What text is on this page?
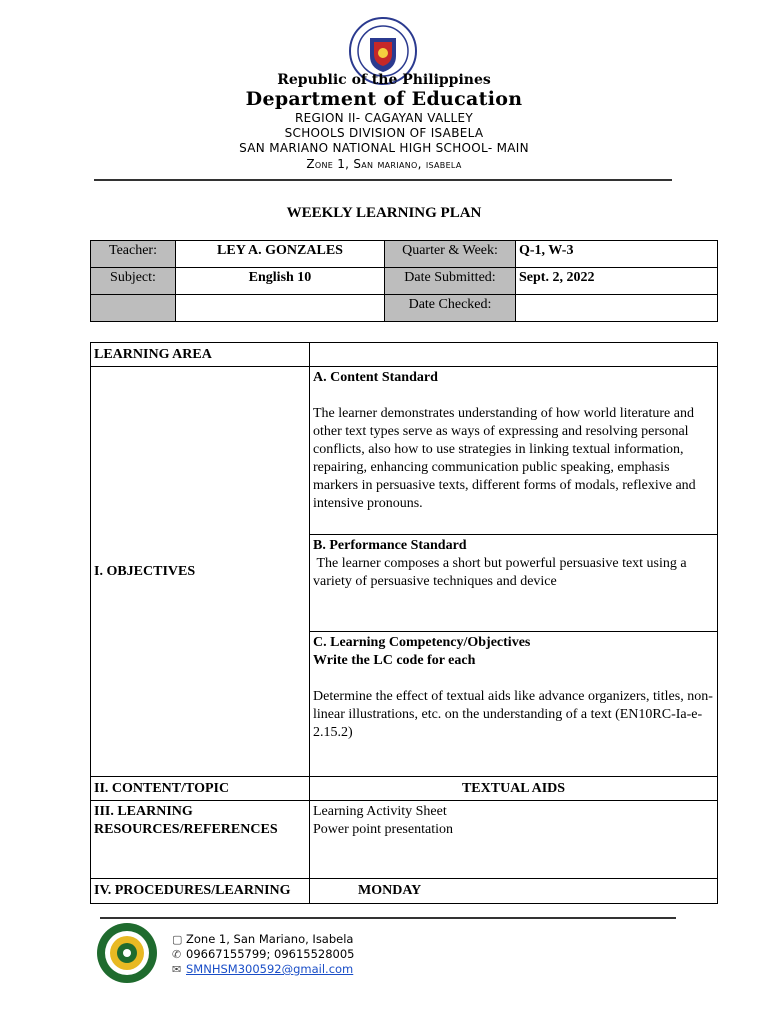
Republic of the Philippines
Department of Education
REGION II- CAGAYAN VALLEY
SCHOOLS DIVISION OF ISABELA
SAN MARIANO NATIONAL HIGH SCHOOL- MAIN
Zone 1, San mariano, isabela
WEEKLY LEARNING PLAN
Teacher:	LEY A. GONZALES	Quarter & Week:	Q-1, W-3
Subject:	English 10	Date Submitted:	Sept. 2, 2022
		Date Checked:	
LEARNING AREA	
I. OBJECTIVES	A. Content Standard
The learner demonstrates understanding of how world literature and other text types serve as ways of expressing and resolving personal conflicts, also how to use strategies in linking textual information, repairing, enhancing communication public speaking, emphasis markers in persuasive texts, different forms of modals, reflexive and intensive pronouns.

	B. Performance Standard
The learner composes a short but powerful persuasive text using a variety of persuasive techniques and device

	C. Learning Competency/Objectives
Write the LC code for each
Determine the effect of textual aids like advance organizers, titles, non-linear illustrations, etc. on the understanding of a text (EN10RC-Ia-e-2.15.2)

II. CONTENT/TOPIC	TEXTUAL AIDS
III. LEARNING RESOURCES/REFERENCES	Learning Activity Sheet
Power point presentation

IV. PROCEDURES/LEARNING	MONDAY
▢ Zone 1, San Mariano, Isabela
✆ 09667155799; 09615528005
✉ SMNHSM300592@gmail.com
